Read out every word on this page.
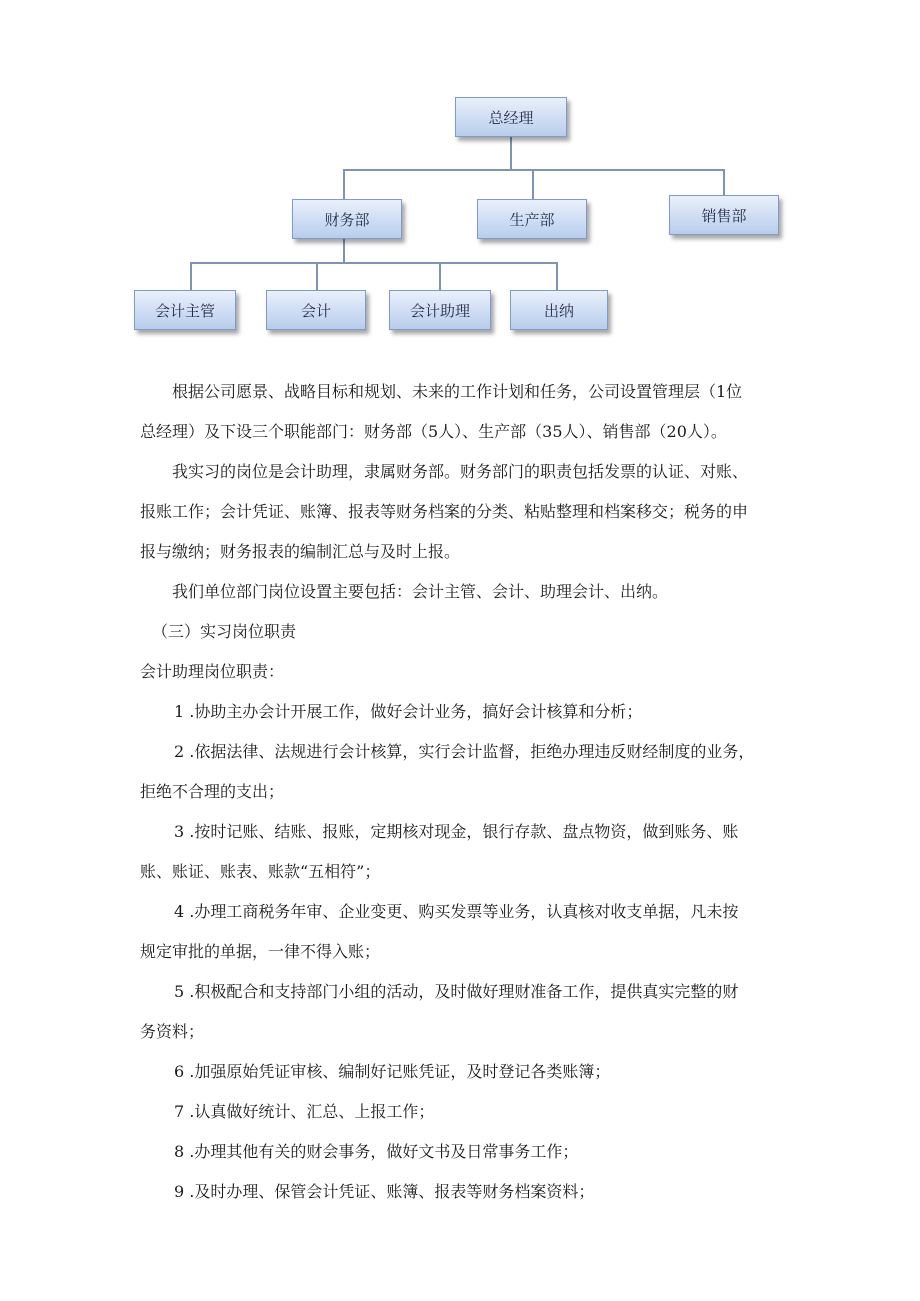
总经理
财务部	生产部	销售部
会计主管	会计	会计助理	出纳

根据公司愿景、战略目标和规划、未来的工作计划和任务，公司设置管理层（1位

总经理）及下设三个职能部门：财务部（5人）、生产部（35人）、销售部（20人）。

我实习的岗位是会计助理，隶属财务部。财务部门的职责包括发票的认证、对账、

报账工作；会计凭证、账簿、报表等财务档案的分类、粘贴整理和档案移交；税务的申

报与缴纳；财务报表的编制汇总与及时上报。

我们单位部门岗位设置主要包括：会计主管、会计、助理会计、出纳。

（三）实习岗位职责

会计助理岗位职责：

1 .协助主办会计开展工作，做好会计业务，搞好会计核算和分析；

2 .依据法律、法规进行会计核算，实行会计监督，拒绝办理违反财经制度的业务，

拒绝不合理的支出；

3 .按时记账、结账、报账，定期核对现金，银行存款、盘点物资，做到账务、账

账、账证、账表、账款“五相符”；

4 .办理工商税务年审、企业变更、购买发票等业务，认真核对收支单据，凡未按

规定审批的单据，一律不得入账；

5 .积极配合和支持部门小组的活动，及时做好理财准备工作，提供真实完整的财

务资料；

6 .加强原始凭证审核、编制好记账凭证，及时登记各类账簿；

7 .认真做好统计、汇总、上报工作；

8 .办理其他有关的财会事务，做好文书及日常事务工作；

9 .及时办理、保管会计凭证、账簿、报表等财务档案资料；
